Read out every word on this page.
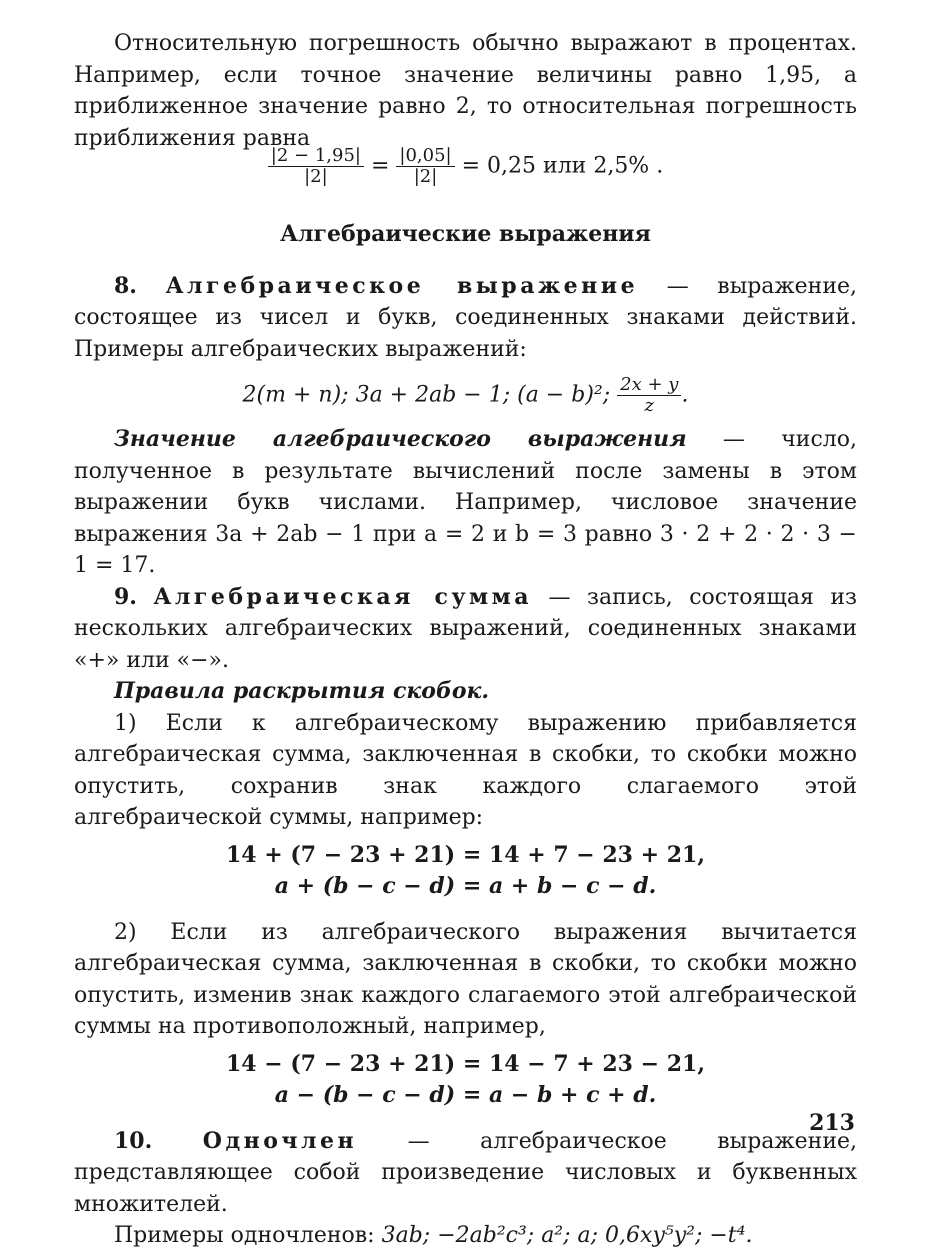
Относительную погрешность обычно выражают в процентах. Например, если точное значение величины равно 1,95, а приближенное значение равно 2, то относительная погрешность приближения равна

$\frac{|2 - 1,95|}{|2|} = \frac{|0,05|}{|2|} = 0,25$ или 2,5% .
Алгебраические выражения

8. Алгебраическое выражение — выражение, состоящее из чисел и букв, соединенных знаками действий. Примеры алгебраических выражений:

2(m + n); 3a + 2ab − 1; (a − b)²; $\frac{2x + y}{z}$ .

Значение алгебраического выражения — число, полученное в результате вычислений после замены в этом выражении букв числами. Например, числовое значение выражения 3a + 2ab − 1 при a = 2 и b = 3 равно 3 · 2 + 2 · 2 · 3 − 1 = 17.

9. Алгебраическая сумма — запись, состоящая из нескольких алгебраических выражений, соединенных знаками «+» или «−».

Правила раскрытия скобок.

1) Если к алгебраическому выражению прибавляется алгебраическая сумма, заключенная в скобки, то скобки можно опустить, сохранив знак каждого слагаемого этой алгебраической суммы, например:

14 + (7 − 23 + 21) = 14 + 7 − 23 + 21,
a + (b − c − d) = a + b − c − d.

2) Если из алгебраического выражения вычитается алгебраическая сумма, заключенная в скобки, то скобки можно опустить, изменив знак каждого слагаемого этой алгебраической суммы на противоположный, например,

14 − (7 − 23 + 21) = 14 − 7 + 23 − 21,
a − (b − c − d) = a − b + c + d.

10. Одночлен — алгебраическое выражение, представляющее собой произведение числовых и буквенных множителей.

Примеры одночленов: 3ab; −2ab²c³; a²; a; 0,6xy⁵y²; −t⁴.

213
